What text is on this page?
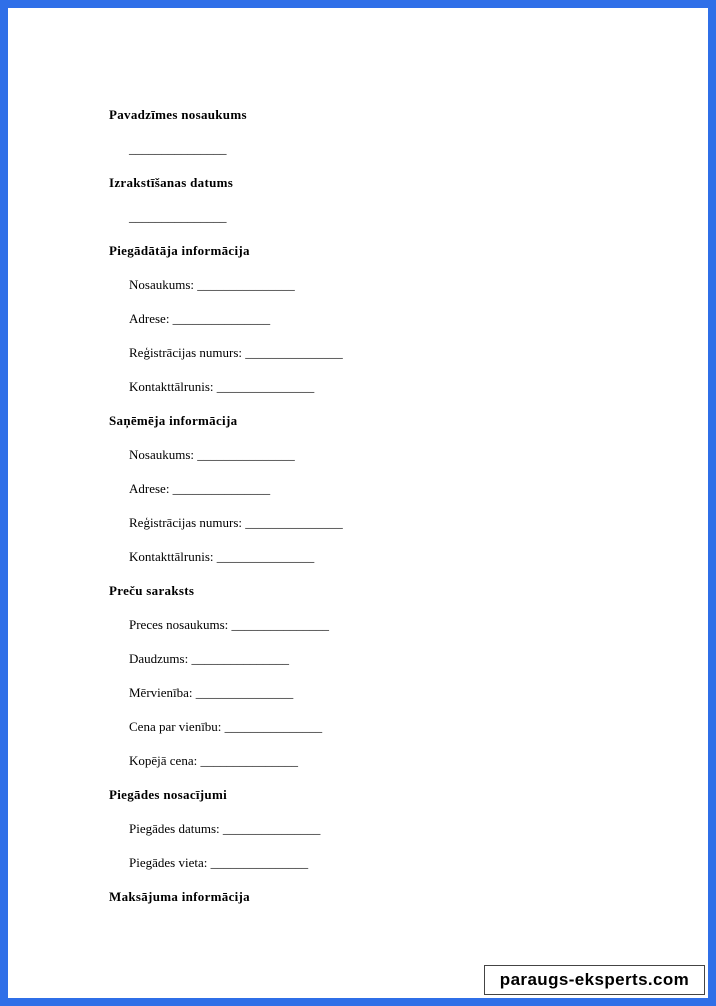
Pavadzīmes nosaukums
_______________
Izrakstīšanas datums
_______________
Piegādātāja informācija
Nosaukums: _______________
Adrese: _______________
Reģistrācijas numurs: _______________
Kontakttālrunis: _______________
Saņēmēja informācija
Nosaukums: _______________
Adrese: _______________
Reģistrācijas numurs: _______________
Kontakttālrunis: _______________
Preču saraksts
Preces nosaukums: _______________
Daudzums: _______________
Mērvienība: _______________
Cena par vienību: _______________
Kopējā cena: _______________
Piegādes nosacījumi
Piegādes datums: _______________
Piegādes vieta: _______________
Maksājuma informācija
paraugs-eksperts.com
